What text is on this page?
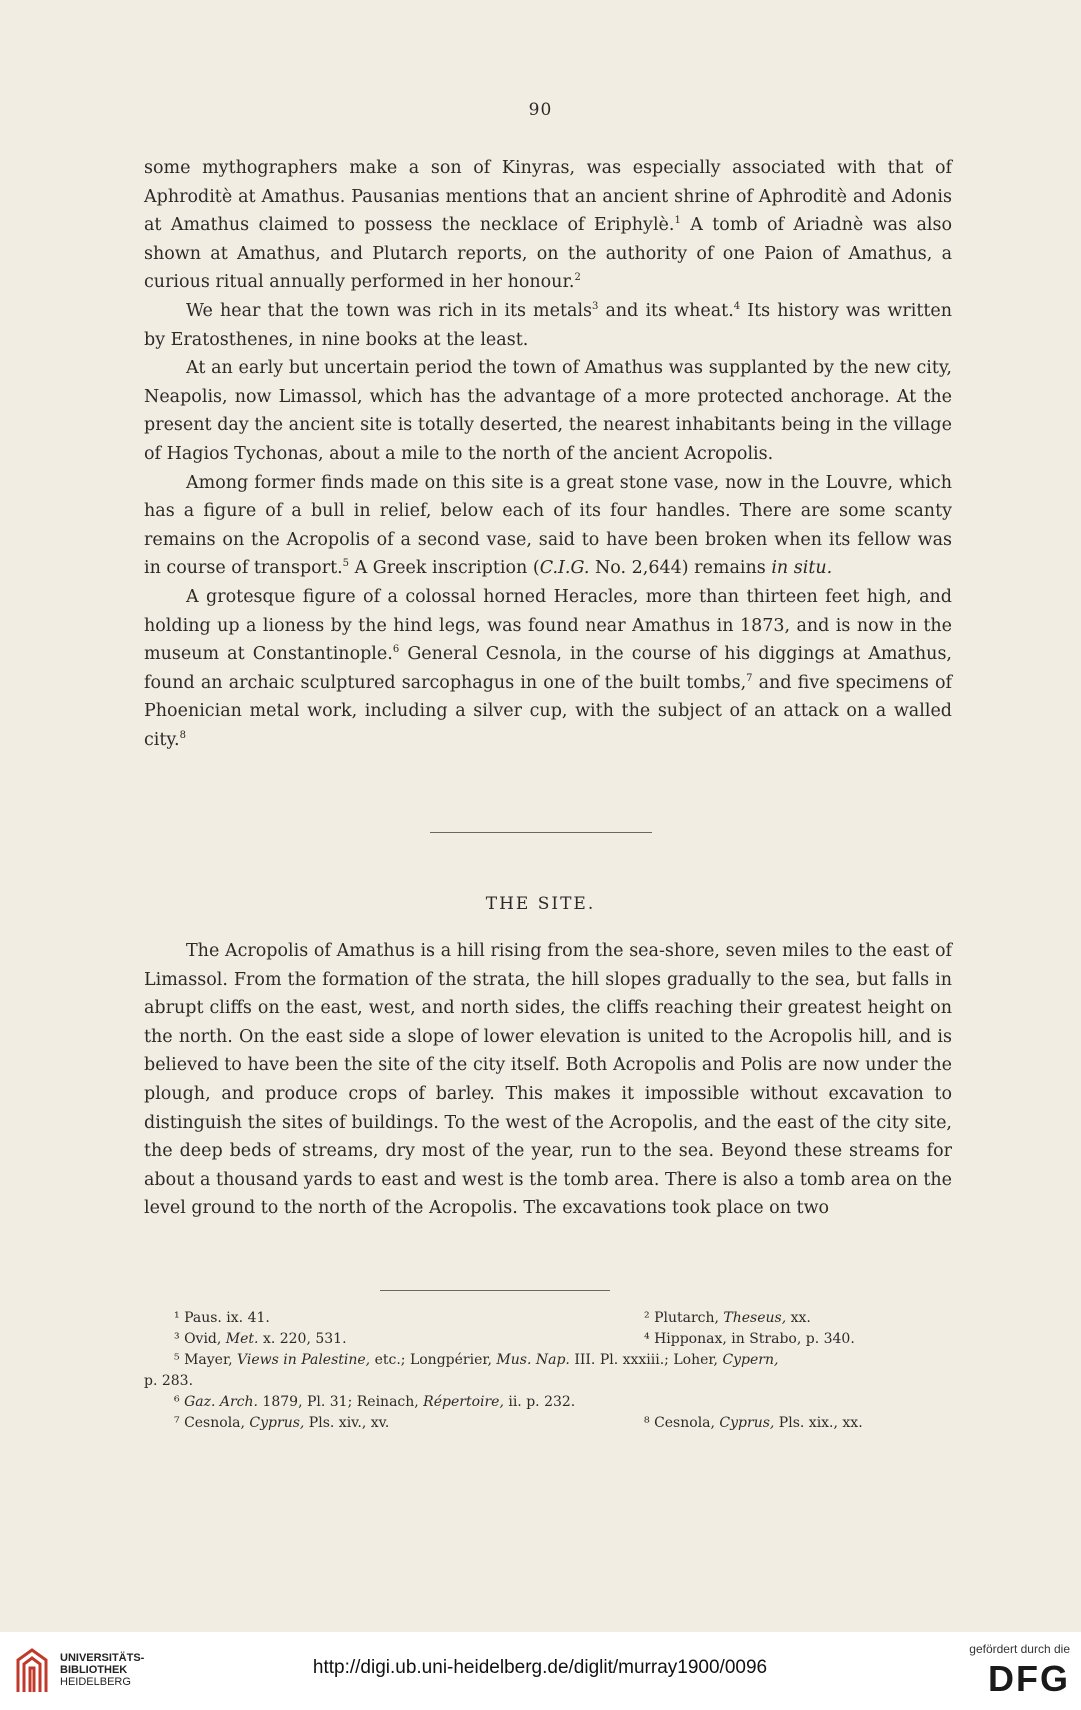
90

some mythographers make a son of Kinyras, was especially associated with that of Aphroditè at Amathus. Pausanias mentions that an ancient shrine of Aphroditè and Adonis at Amathus claimed to possess the necklace of Eriphylè.$^1$ A tomb of Ariadnè was also shown at Amathus, and Plutarch reports, on the authority of one Paion of Amathus, a curious ritual annually performed in her honour.$^2$

We hear that the town was rich in its metals$^3$ and its wheat.$^4$ Its history was written by Eratosthenes, in nine books at the least.

At an early but uncertain period the town of Amathus was supplanted by the new city, Neapolis, now Limassol, which has the advantage of a more protected anchorage. At the present day the ancient site is totally deserted, the nearest inhabitants being in the village of Hagios Tychonas, about a mile to the north of the ancient Acropolis.

Among former finds made on this site is a great stone vase, now in the Louvre, which has a figure of a bull in relief, below each of its four handles. There are some scanty remains on the Acropolis of a second vase, said to have been broken when its fellow was in course of transport.$^5$ A Greek inscription (C.I.G. No. 2,644) remains in situ.

A grotesque figure of a colossal horned Heracles, more than thirteen feet high, and holding up a lioness by the hind legs, was found near Amathus in 1873, and is now in the museum at Constantinople.$^6$ General Cesnola, in the course of his diggings at Amathus, found an archaic sculptured sarcophagus in one of the built tombs,$^7$ and five specimens of Phoenician metal work, including a silver cup, with the subject of an attack on a walled city.$^8$

THE SITE.

The Acropolis of Amathus is a hill rising from the sea-shore, seven miles to the east of Limassol. From the formation of the strata, the hill slopes gradually to the sea, but falls in abrupt cliffs on the east, west, and north sides, the cliffs reaching their greatest height on the north. On the east side a slope of lower elevation is united to the Acropolis hill, and is believed to have been the site of the city itself. Both Acropolis and Polis are now under the plough, and produce crops of barley. This makes it impossible without excavation to distinguish the sites of buildings. To the west of the Acropolis, and the east of the city site, the deep beds of streams, dry most of the year, run to the sea. Beyond these streams for about a thousand yards to east and west is the tomb area. There is also a tomb area on the level ground to the north of the Acropolis. The excavations took place on two

¹ Paus. ix. 41.	² Plutarch, Theseus, xx.
³ Ovid, Met. x. 220, 531.	⁴ Hipponax, in Strabo, p. 340.
⁵ Mayer, Views in Palestine, etc.; Longpérier, Mus. Nap. III. Pl. xxxiii.; Loher, Cypern,
p. 283.
⁶ Gaz. Arch. 1879, Pl. 31; Reinach, Répertoire, ii. p. 232.
⁷ Cesnola, Cyprus, Pls. xiv., xv.	⁸ Cesnola, Cyprus, Pls. xix., xx.
UNIVERSITÄTS-
BIBLIOTHEK
HEIDELBERG
http://digi.ub.uni-heidelberg.de/diglit/murray1900/0096
gefördert durch die
DFG
